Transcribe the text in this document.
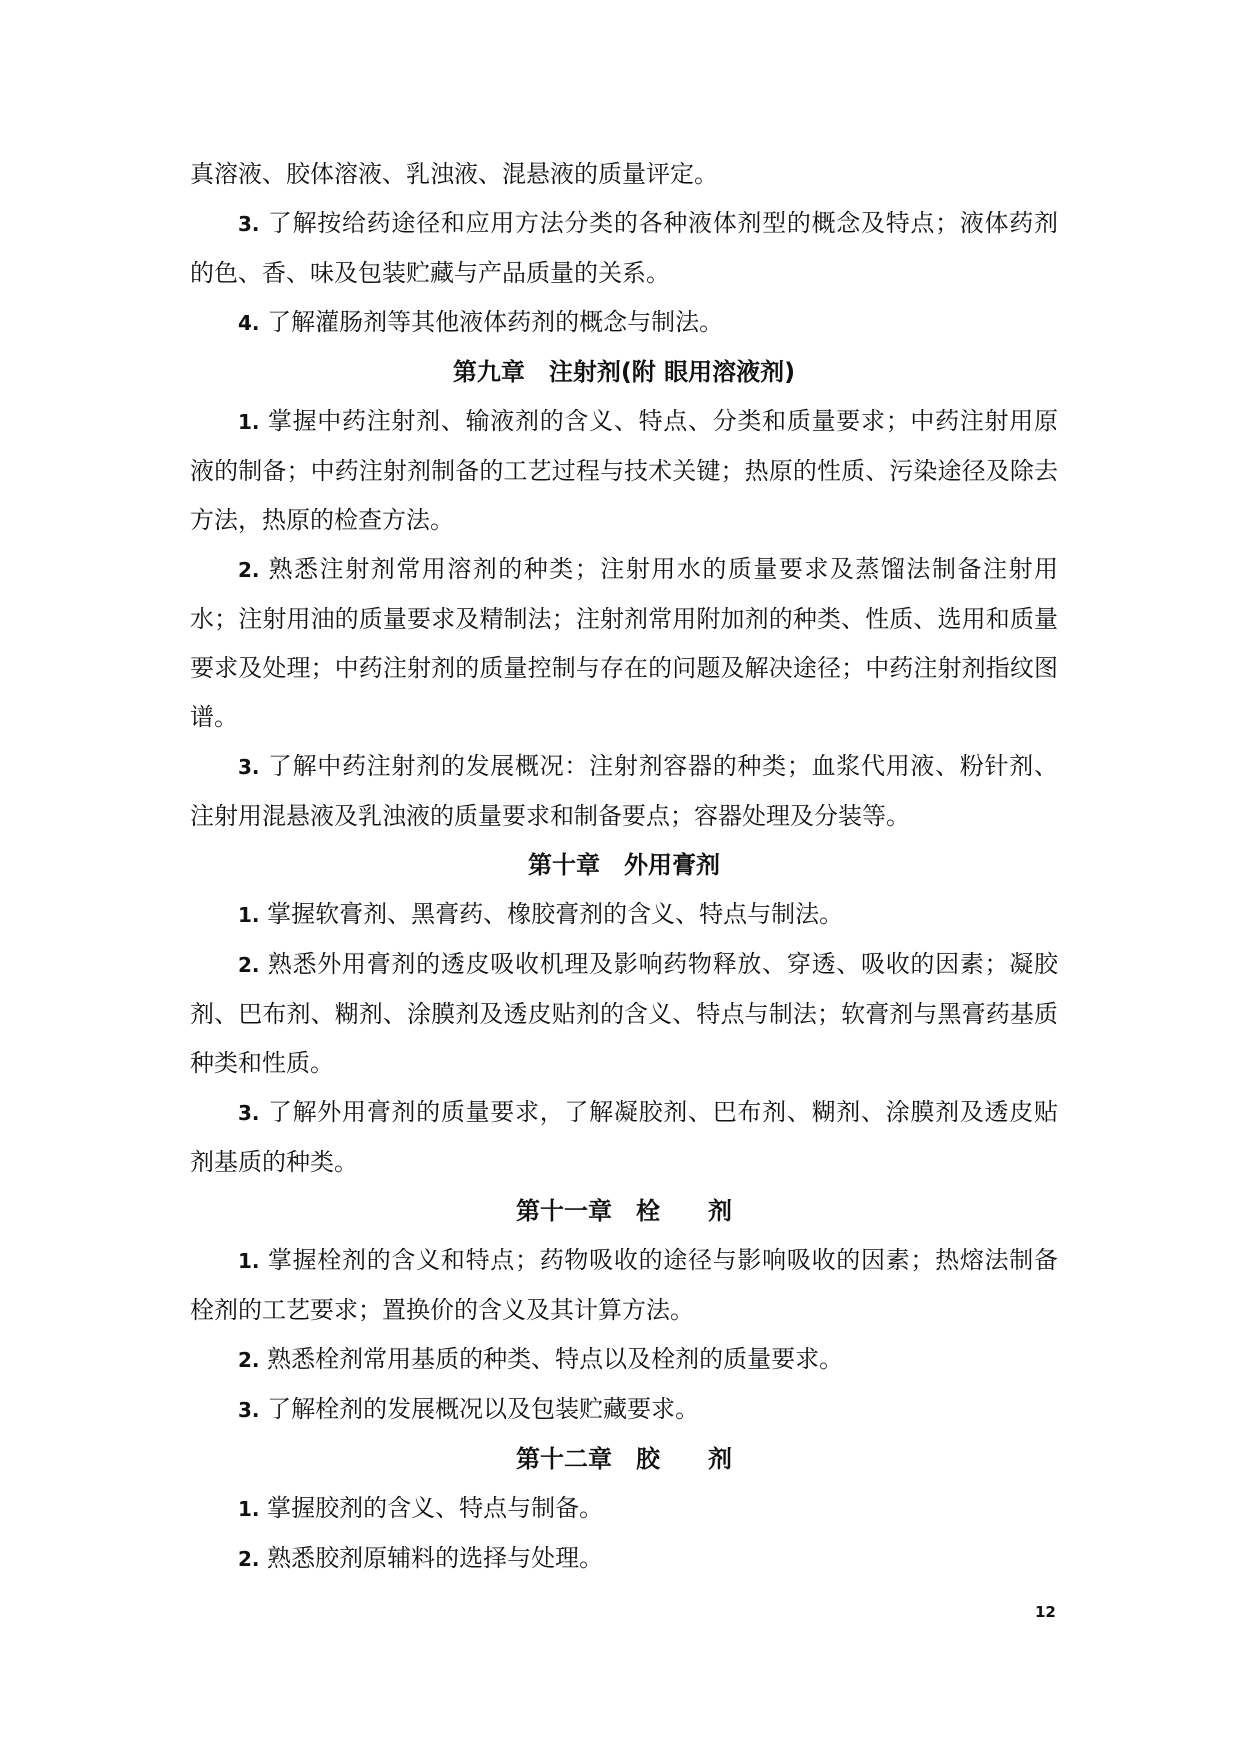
真溶液、胶体溶液、乳浊液、混悬液的质量评定。

3. 了解按给药途径和应用方法分类的各种液体剂型的概念及特点；液体药剂的色、香、味及包装贮藏与产品质量的关系。

4. 了解灌肠剂等其他液体药剂的概念与制法。

第九章　注射剂(附 眼用溶液剂)

1. 掌握中药注射剂、输液剂的含义、特点、分类和质量要求；中药注射用原液的制备；中药注射剂制备的工艺过程与技术关键；热原的性质、污染途径及除去方法，热原的检查方法。

2. 熟悉注射剂常用溶剂的种类；注射用水的质量要求及蒸馏法制备注射用水；注射用油的质量要求及精制法；注射剂常用附加剂的种类、性质、选用和质量要求及处理；中药注射剂的质量控制与存在的问题及解决途径；中药注射剂指纹图谱。

3. 了解中药注射剂的发展概况：注射剂容器的种类；血浆代用液、粉针剂、注射用混悬液及乳浊液的质量要求和制备要点；容器处理及分装等。

第十章　外用膏剂

1. 掌握软膏剂、黑膏药、橡胶膏剂的含义、特点与制法。

2. 熟悉外用膏剂的透皮吸收机理及影响药物释放、穿透、吸收的因素；凝胶剂、巴布剂、糊剂、涂膜剂及透皮贴剂的含义、特点与制法；软膏剂与黑膏药基质种类和性质。

3. 了解外用膏剂的质量要求，了解凝胶剂、巴布剂、糊剂、涂膜剂及透皮贴剂基质的种类。

第十一章　栓　　剂

1. 掌握栓剂的含义和特点；药物吸收的途径与影响吸收的因素；热熔法制备栓剂的工艺要求；置换价的含义及其计算方法。

2. 熟悉栓剂常用基质的种类、特点以及栓剂的质量要求。

3. 了解栓剂的发展概况以及包装贮藏要求。

第十二章　胶　　剂

1. 掌握胶剂的含义、特点与制备。

2. 熟悉胶剂原辅料的选择与处理。

12
